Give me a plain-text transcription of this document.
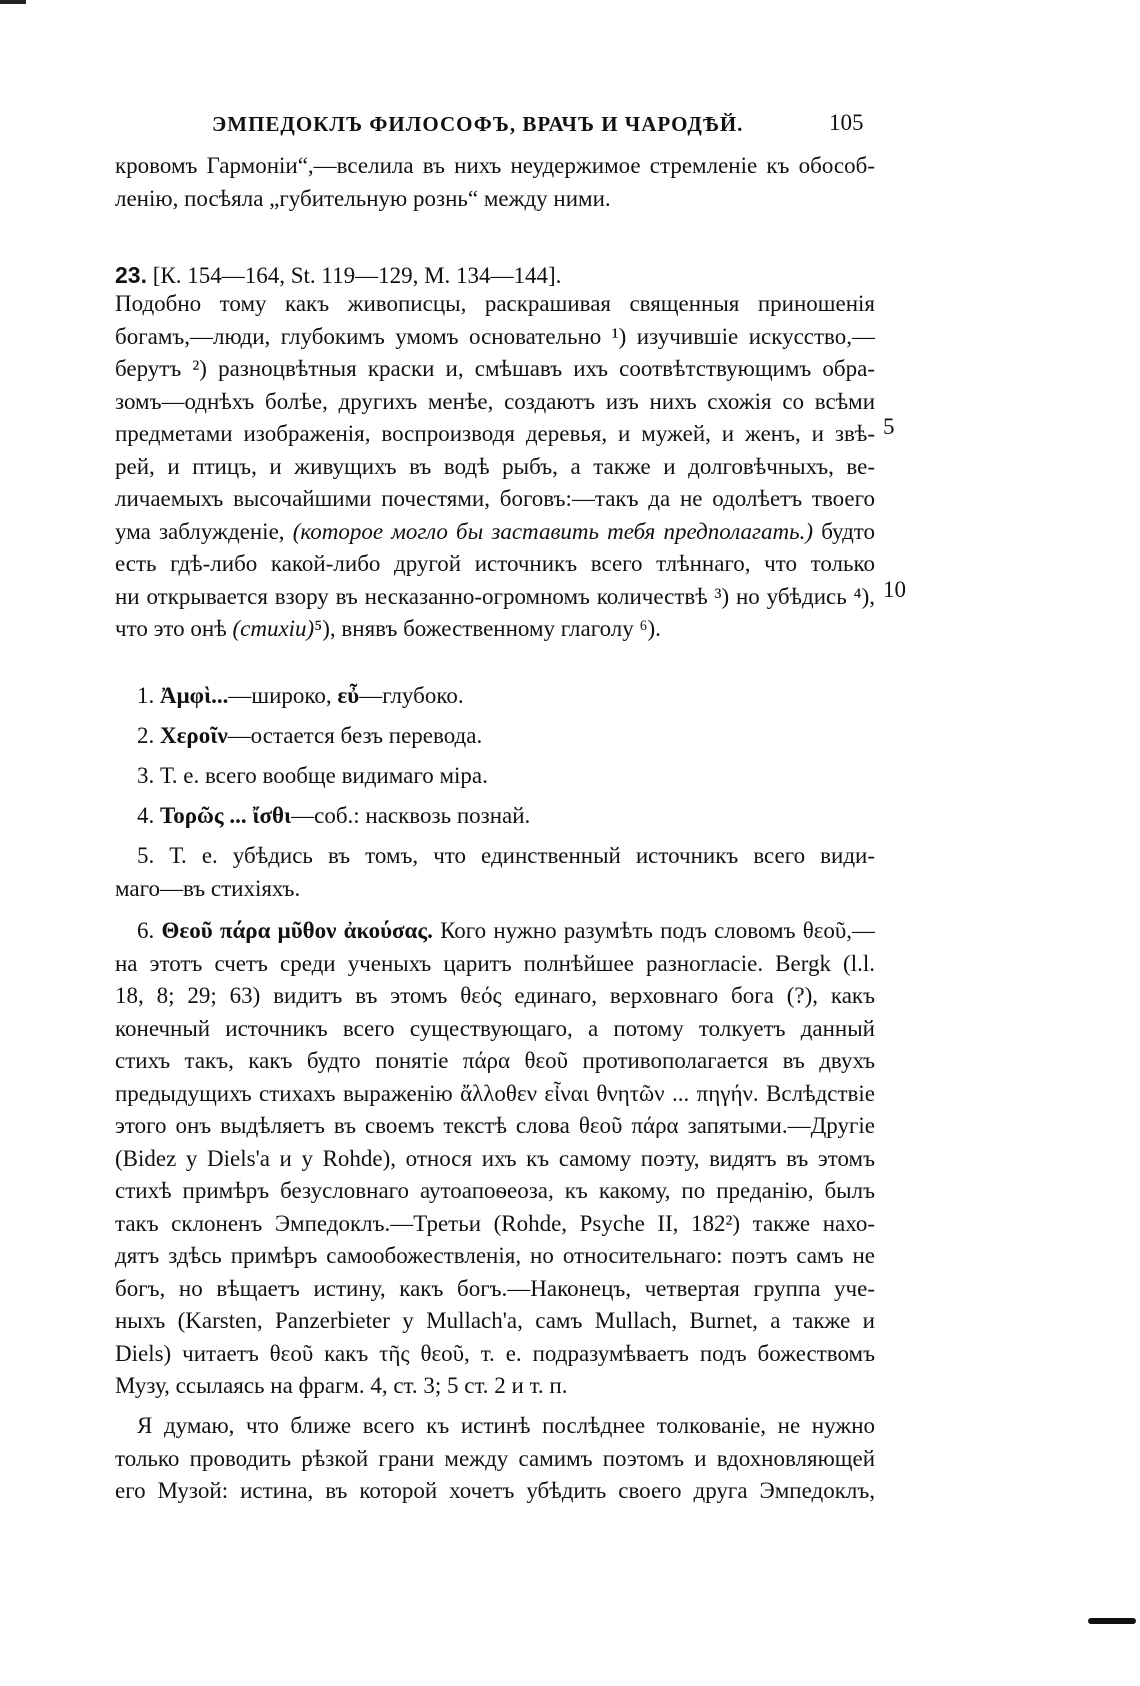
ЭМПЕДОКЛЪ ФИЛОСОФЪ, ВРАЧЪ И ЧАРОДѢЙ.	105
кровомъ Гармоніи“,—вселила въ нихъ неудержимое стремленіе къ обособ-
ленію, посѣяла „губительную рознь“ между ними.
23. [К. 154—164, St. 119—129, М. 134—144].
Подобно тому какъ живописцы, раскрашивая священныя приношенія
богамъ,—люди, глубокимъ умомъ основательно ¹) изучившіе искусство,—
берутъ ²) разноцвѣтныя краски и, смѣшавъ ихъ соотвѣтствующимъ обра-
зомъ—однѣхъ болѣе, другихъ менѣе, создаютъ изъ нихъ схожія со всѣми
предметами изображенія, воспроизводя деревья, и мужей, и женъ, и звѣ-
рей, и птицъ, и живущихъ въ водѣ рыбъ, а также и долговѣчныхъ, ве-
личаемыхъ высочайшими почестями, боговъ:—такъ да не одолѣетъ твоего
ума заблужденіе, (которое могло бы заставить тебя предполагать.) будто
есть гдѣ-либо какой-либо другой источникъ всего тлѣннаго, что только
ни открывается взору въ несказанно-огромномъ количествѣ ³) но убѣдись ⁴),
что это онѣ (стихіи)⁵), внявъ божественному глаголу ⁶).
5
10
1. Ἀμφὶ...—широко, εὖ—глубоко.
2. Χεροῖν—остается безъ перевода.
3. Т. е. всего вообще видимаго міра.
4. Τορῶς ... ἴσθι—соб.: насквозь познай.
5. Т. е. убѣдись въ томъ, что единственный источникъ всего види-
маго—въ стихіяхъ.
6. Θεοῦ πάρα μῦθον ἀκούσας. Кого нужно разумѣть подъ словомъ θεοῦ,—
на этотъ счетъ среди ученыхъ царитъ полнѣйшее разногласіе. Bergk (l.l.
18, 8; 29; 63) видитъ въ этомъ θεός единаго, верховнаго бога (?), какъ
конечный источникъ всего существующаго, а потому толкуетъ данный
стихъ такъ, какъ будто понятіе πάρα θεοῦ противополагается въ двухъ
предыдущихъ стихахъ выраженію ἄλλοθεν εἶναι θνητῶν ... πηγήν. Вслѣдствіе
этого онъ выдѣляетъ въ своемъ текстѣ слова θεοῦ πάρα запятыми.—Другіе
(Bidez у Diels'а и у Rohde), относя ихъ къ самому поэту, видятъ въ этомъ
стихѣ примѣръ безусловнаго аутоапоѳеоза, къ какому, по преданію, былъ
такъ склоненъ Эмпедоклъ.—Третьи (Rohde, Psyche II, 182²) также нахо-
дятъ здѣсь примѣръ самообожествленія, но относительнаго: поэтъ самъ не
богъ, но вѣщаетъ истину, какъ богъ.—Наконецъ, четвертая группа уче-
ныхъ (Karsten, Panzerbieter у Mullach'а, самъ Mullach, Burnet, а также и
Diels) читаетъ θεοῦ какъ τῆς θεοῦ, т. е. подразумѣваетъ подъ божествомъ
Музу, ссылаясь на фрагм. 4, ст. 3; 5 ст. 2 и т. п.
Я думаю, что ближе всего къ истинѣ послѣднее толкованіе, не нужно
только проводить рѣзкой грани между самимъ поэтомъ и вдохновляющей
его Музой: истина, въ которой хочетъ убѣдить своего друга Эмпедоклъ,
